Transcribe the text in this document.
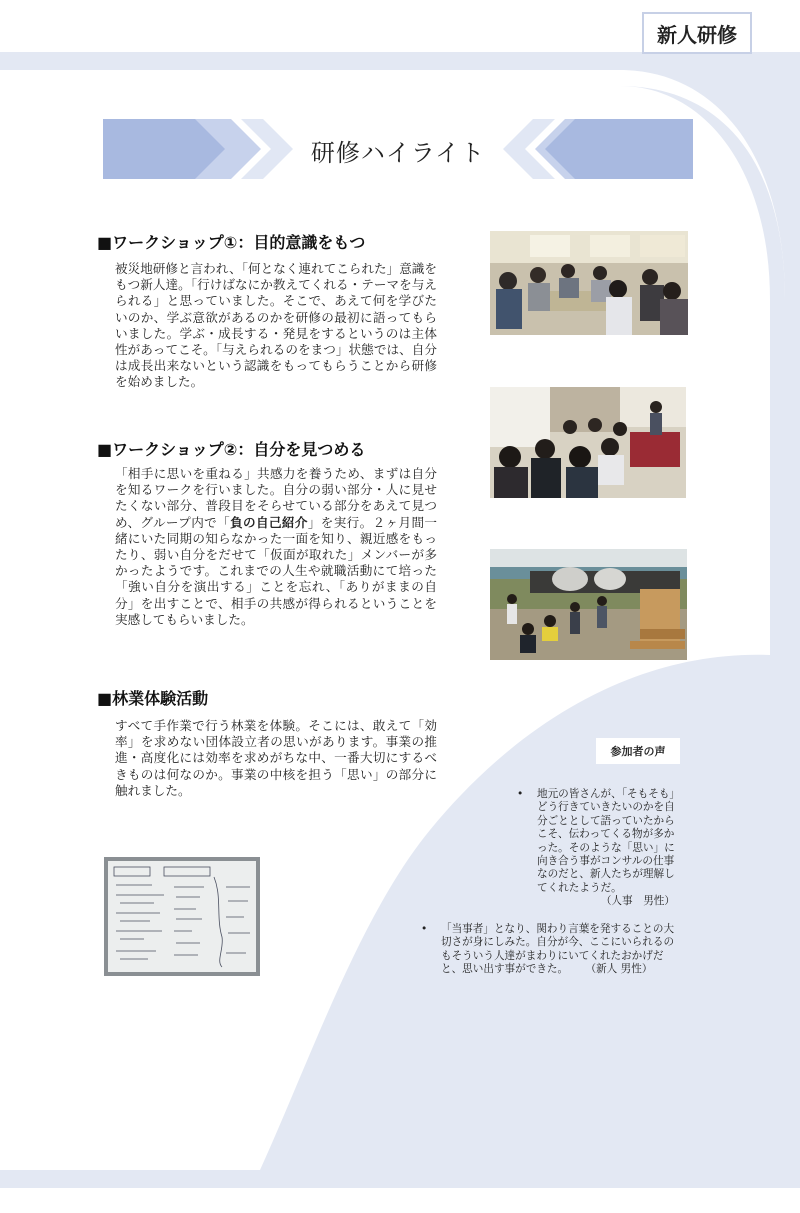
新人研修
研修ハイライト
■ワークショップ①：目的意識をもつ
被災地研修と言われ、「何となく連れてこられた」意識をもつ新人達。「行けばなにか教えてくれる・テーマを与えられる」と思っていました。そこで、あえて何を学びたいのか、学ぶ意欲があるのかを研修の最初に語ってもらいました。学ぶ・成長する・発見をするというのは主体性があってこそ。「与えられるのをまつ」状態では、自分は成長出来ないという認識をもってもらうことから研修を始めました。
■ワークショップ②：自分を見つめる
「相手に思いを重ねる」共感力を養うため、まずは自分を知るワークを行いました。自分の弱い部分・人に見せたくない部分、普段目をそらせている部分をあえて見つめ、グループ内で「負の自己紹介」を実行。２ヶ月間一緒にいた同期の知らなかった一面を知り、親近感をもったり、弱い自分をだせて「仮面が取れた」メンバーが多かったようです。これまでの人生や就職活動にて培った「強い自分を演出する」ことを忘れ、「ありがままの自分」を出すことで、相手の共感が得られるということを実感してもらいました。
■林業体験活動
すべて手作業で行う林業を体験。そこには、敢えて「効率」を求めない団体設立者の思いがあります。事業の推進・高度化には効率を求めがちな中、一番大切にするべきものは何なのか。事業の中核を担う「思い」の部分に触れました。
参加者の声
• 地元の皆さんが、「そもそも」どう行きていきたいのかを自分ごととして語っていたからこそ、伝わってくる物が多かった。そのような「思い」に向き合う事がコンサルの仕事なのだと、新人たちが理解してくれたようだ。
（人事　男性）
• 「当事者」となり、関わり言葉を発することの大切さが身にしみた。自分が今、ここにいられるのもそういう人達がまわりにいてくれたおかげだと、思い出す事ができた。 （新人 男性）
